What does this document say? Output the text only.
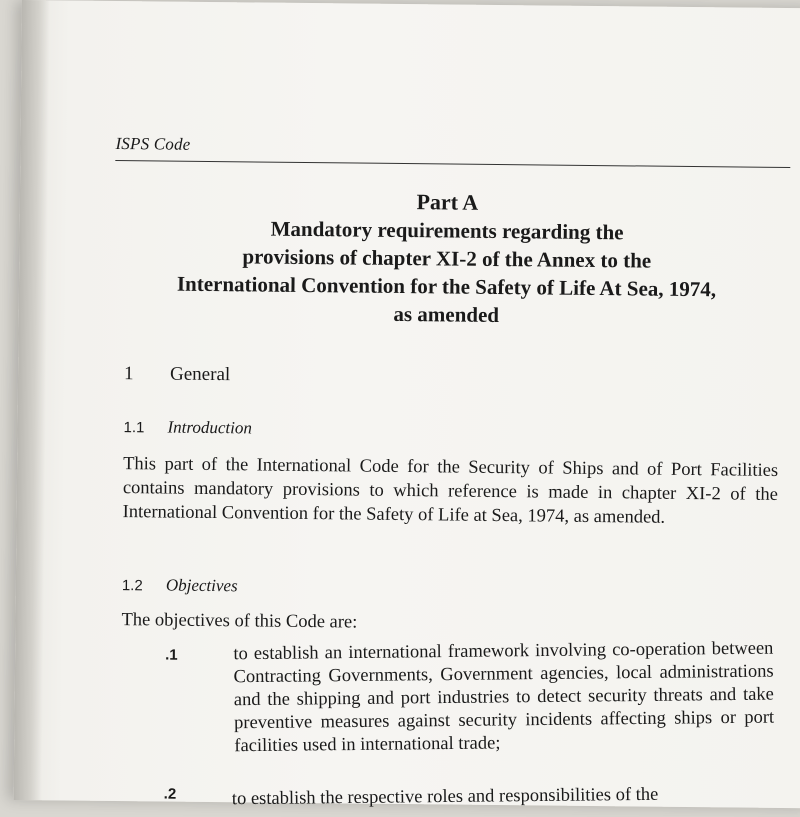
ISPS Code
Part A
Mandatory requirements regarding the
provisions of chapter XI-2 of the Annex to the
International Convention for the Safety of Life At Sea, 1974,
as amended
1 General
1.1 Introduction
This part of the International Code for the Security of Ships and of Port Facilities contains mandatory provisions to which reference is made in chapter XI-2 of the International Convention for the Safety of Life at Sea, 1974, as amended.
1.2 Objectives
The objectives of this Code are:
.1	to establish an international framework involving co-operation between Contracting Governments, Government agencies, local administrations and the shipping and port industries to detect security threats and take preventive measures against security incidents affecting ships or port facilities used in international trade;
.2	to establish the respective roles and responsibilities of the
